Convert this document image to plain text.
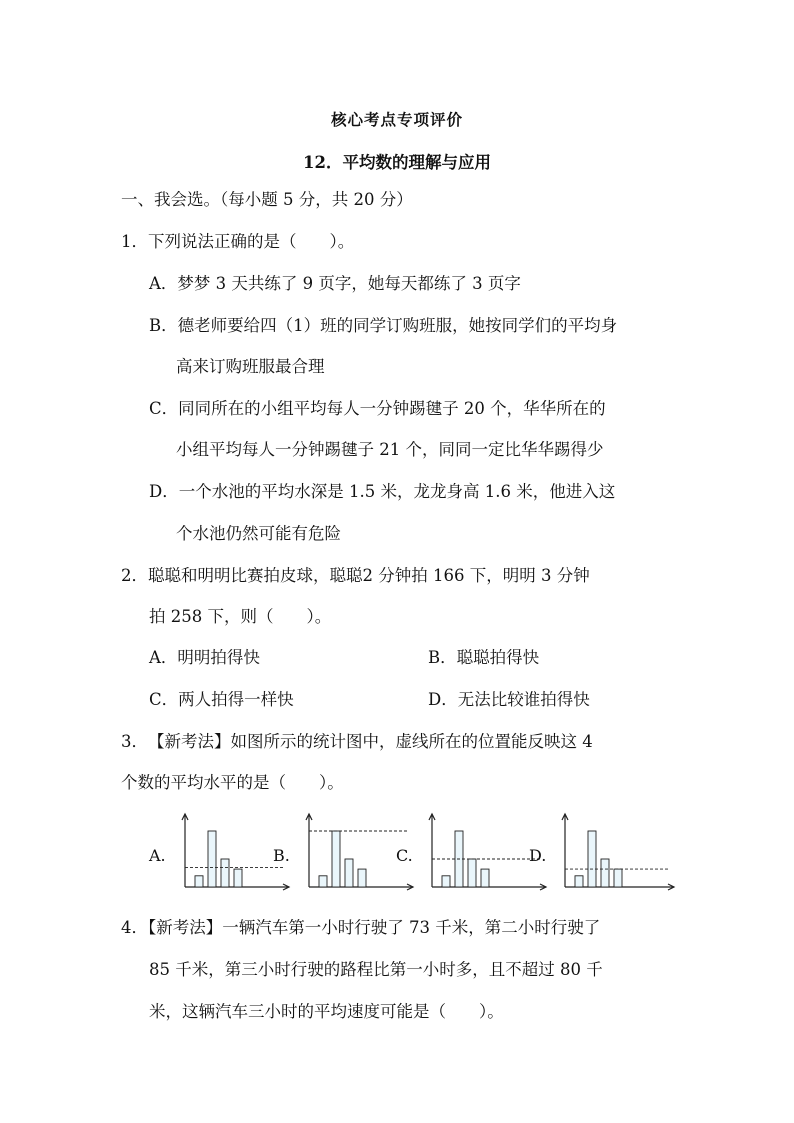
核心考点专项评价
12．平均数的理解与应用
一、我会选。（每小题 5 分，共 20 分）
1．下列说法正确的是（　　）。
A．梦梦 3 天共练了 9 页字，她每天都练了 3 页字
B．德老师要给四（1）班的同学订购班服，她按同学们的平均身
高来订购班服最合理
C．同同所在的小组平均每人一分钟踢毽子 20 个，华华所在的
小组平均每人一分钟踢毽子 21 个，同同一定比华华踢得少
D．一个水池的平均水深是 1.5 米，龙龙身高 1.6 米，他进入这
个水池仍然可能有危险
2．聪聪和明明比赛拍皮球，聪聪2 分钟拍 166 下，明明 3 分钟
拍 258 下，则（　　）。
A．明明拍得快	B．聪聪拍得快
C．两人拍得一样快	D．无法比较谁拍得快
3．　【新考法】如图所示的统计图中，虚线所在的位置能反映这 4
个数的平均水平的是（　　）。
A.	B.	C.	D.
4．【新考法】一辆汽车第一小时行驶了 73 千米，第二小时行驶了
85 千米，第三小时行驶的路程比第一小时多，且不超过 80 千
米，这辆汽车三小时的平均速度可能是（　　）。
